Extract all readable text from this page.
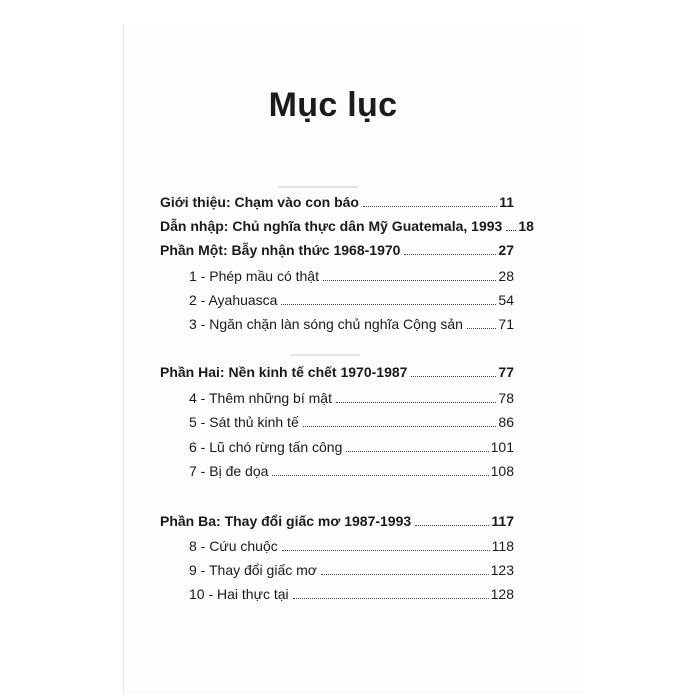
Mục lục
Giới thiệu: Chạm vào con báo	11
Dẫn nhập: Chủ nghĩa thực dân Mỹ Guatemala, 1993 18
Phần Một: Bẫy nhận thức 1968-1970	27
1 - Phép mầu có thật	28
2 - Ayahuasca	54
3 - Ngăn chặn làn sóng chủ nghĩa Cộng sản	71
Phần Hai: Nền kinh tế chết 1970-1987	77
4 - Thêm những bí mật	78
5 - Sát thủ kinh tế	86
6 - Lũ chó rừng tấn công	101
7 - Bị đe dọa	108
Phần Ba: Thay đổi giấc mơ 1987-1993	117
8 - Cứu chuộc	118
9 - Thay đổi giấc mơ	123
10 - Hai thực tại	128
